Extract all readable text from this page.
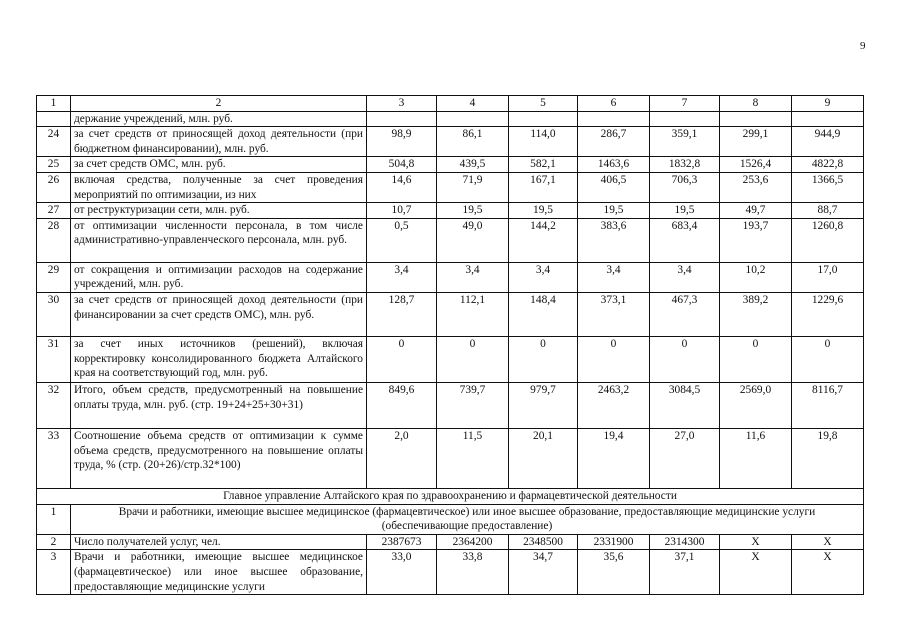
9
1	2	3	4	5	6	7	8	9
	держание учреждений, млн. руб.							
24	за счет средств от приносящей доход деятельности (при бюджетном финансировании), млн. руб.	98,9	86,1	114,0	286,7	359,1	299,1	944,9
25	за счет средств ОМС, млн. руб.	504,8	439,5	582,1	1463,6	1832,8	1526,4	4822,8
26	включая средства, полученные за счет проведения мероприятий по оптимизации, из них	14,6	71,9	167,1	406,5	706,3	253,6	1366,5
27	от реструктуризации сети, млн. руб.	10,7	19,5	19,5	19,5	19,5	49,7	88,7
28	от оптимизации численности персонала, в том числе административно-управленческого персонала, млн. руб.	0,5	49,0	144,2	383,6	683,4	193,7	1260,8
29	от сокращения и оптимизации расходов на содержание учреждений, млн. руб.	3,4	3,4	3,4	3,4	3,4	10,2	17,0
30	за счет средств от приносящей доход деятельности (при финансировании за счет средств ОМС), млн. руб.	128,7	112,1	148,4	373,1	467,3	389,2	1229,6
31	за счет иных источников (решений), включая корректировку консолидированного бюджета Алтайского края на соответствующий год, млн. руб.	0	0	0	0	0	0	0
32	Итого, объем средств, предусмотренный на повышение оплаты труда, млн. руб. (стр. 19+24+25+30+31)	849,6	739,7	979,7	2463,2	3084,5	2569,0	8116,7
33	Соотношение объема средств от оптимизации к сумме объема средств, предусмотренного на повышение оплаты труда, % (стр. (20+26)/стр.32*100)	2,0	11,5	20,1	19,4	27,0	11,6	19,8
Главное управление Алтайского края по здравоохранению и фармацевтической деятельности								
1	Врачи и работники, имеющие высшее медицинское (фармацевтическое) или иное высшее образование, предоставляющие медицинские услуги (обеспечивающие предоставление)							
2	Число получателей услуг, чел.	2387673	2364200	2348500	2331900	2314300	Х	Х
3	Врачи и работники, имеющие высшее медицинское (фармацевтическое) или иное высшее образование, предоставляющие медицинские услуги	33,0	33,8	34,7	35,6	37,1	Х	Х
